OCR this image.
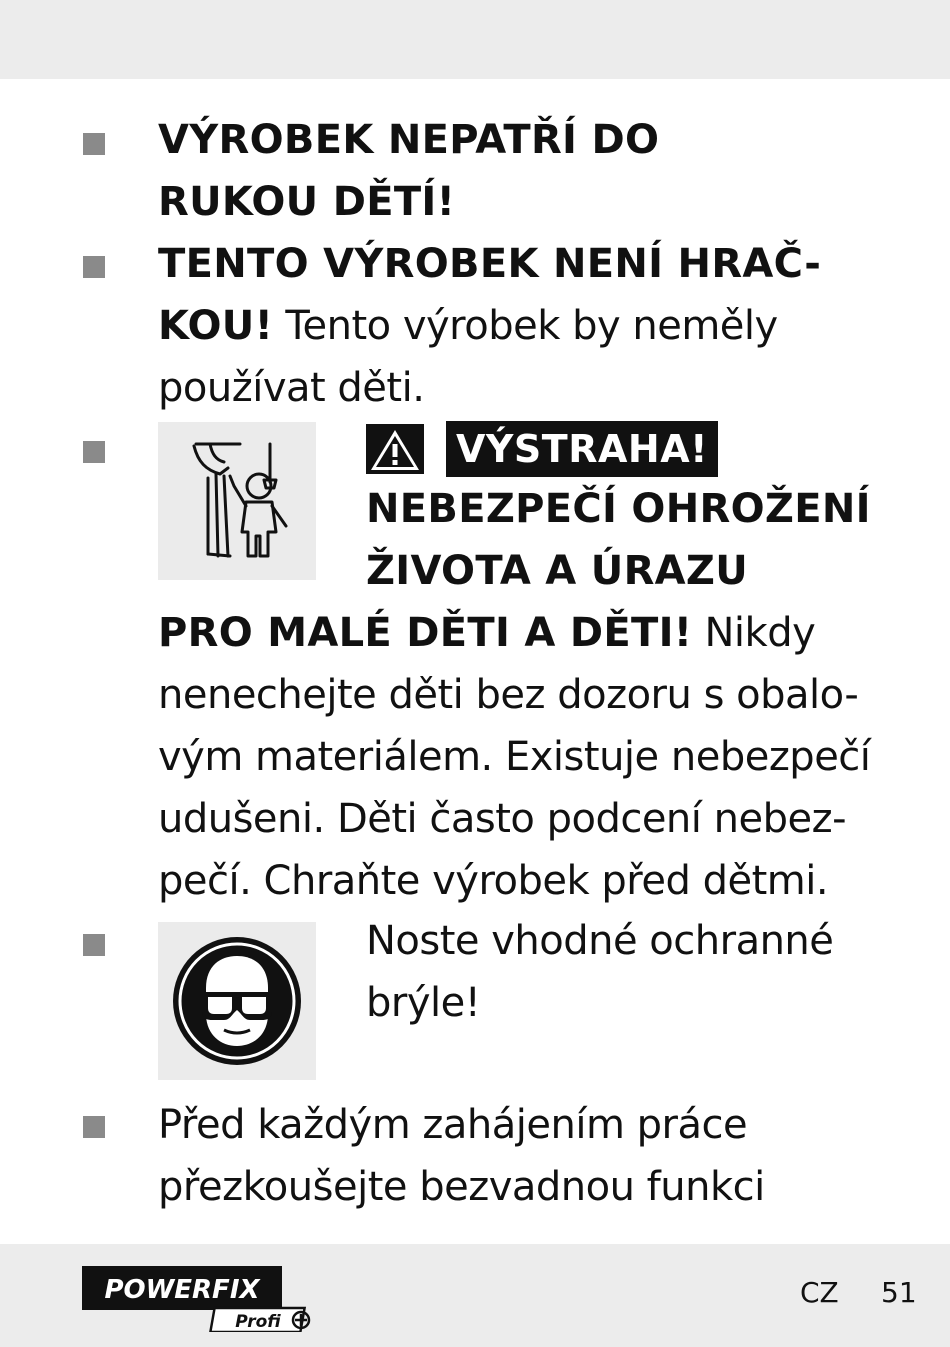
VÝROBEK NEPATŘÍ DO
RUKOU DĚTÍ!
TENTO VÝROBEK NENÍ HRAČ-
KOU! Tento výrobek by neměly
používat děti.
VÝSTRAHA!
NEBEZPEČÍ OHROŽENÍ
ŽIVOTA A ÚRAZU
PRO MALÉ DĚTI A DĚTI! Nikdy
nenechejte děti bez dozoru s obalo-
vým materiálem. Existuje nebezpečí
udušeni. Děti často podcení nebez-
pečí. Chraňte výrobek před dětmi.
Noste vhodné ochranné
brýle!
Před každým zahájením práce
přezkoušejte bezvadnou funkci
POWERFIX
Profi
CZ 51
